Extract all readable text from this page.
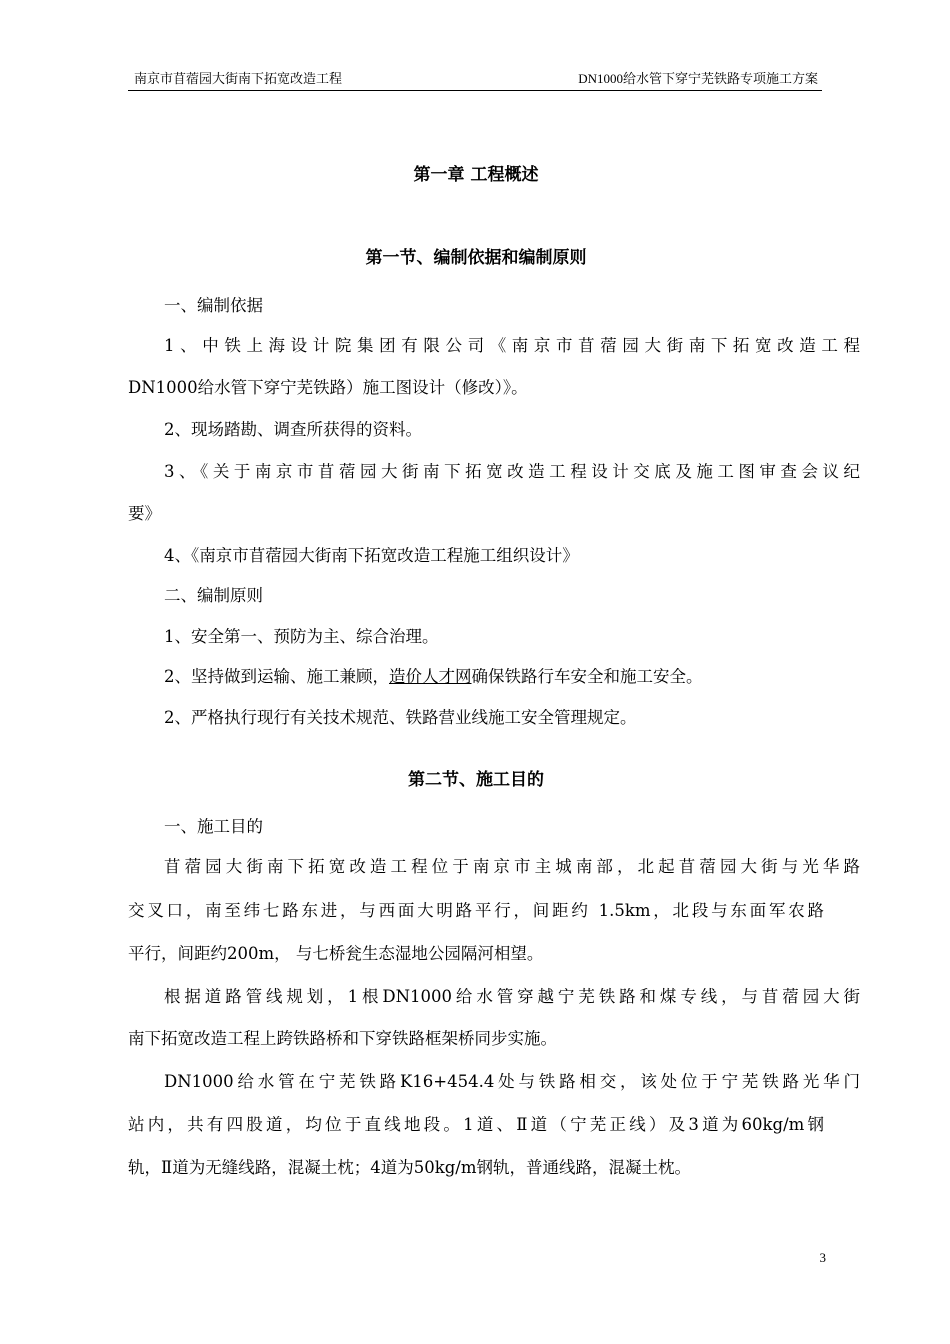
南京市苜蓿园大街南下拓宽改造工程	DN1000给水管下穿宁芜铁路专项施工方案
第一章 工程概述
第一节、编制依据和编制原则
一、编制依据
1、中铁上海设计院集团有限公司《南京市苜蓿园大街南下拓宽改造工程
DN1000给水管下穿宁芜铁路）施工图设计（修改）》。
2、现场踏勘、调查所获得的资料。
3、《关于南京市苜蓿园大街南下拓宽改造工程设计交底及施工图审查会议纪
要》
4、《南京市苜蓿园大街南下拓宽改造工程施工组织设计》
二、编制原则
1、安全第一、预防为主、综合治理。
2、坚持做到运输、施工兼顾，造价人才网确保铁路行车安全和施工安全。
2、严格执行现行有关技术规范、铁路营业线施工安全管理规定。
第二节、施工目的
一、施工目的
苜蓿园大街南下拓宽改造工程位于南京市主城南部，北起苜蓿园大街与光华路
交叉口，南至纬七路东进，与西面大明路平行，间距约 1.5km，北段与东面军农路
平行，间距约200m， 与七桥瓮生态湿地公园隔河相望。
根据道路管线规划，1根DN1000给水管穿越宁芜铁路和煤专线，与苜蓿园大街
南下拓宽改造工程上跨铁路桥和下穿铁路框架桥同步实施。
DN1000给水管在宁芜铁路K16+454.4处与铁路相交，该处位于宁芜铁路光华门
站内，共有四股道，均位于直线地段。1道、Ⅱ道（宁芜正线）及3道为60kg/m钢
轨，Ⅱ道为无缝线路，混凝土枕；4道为50kg/m钢轨，普通线路，混凝土枕。
3
